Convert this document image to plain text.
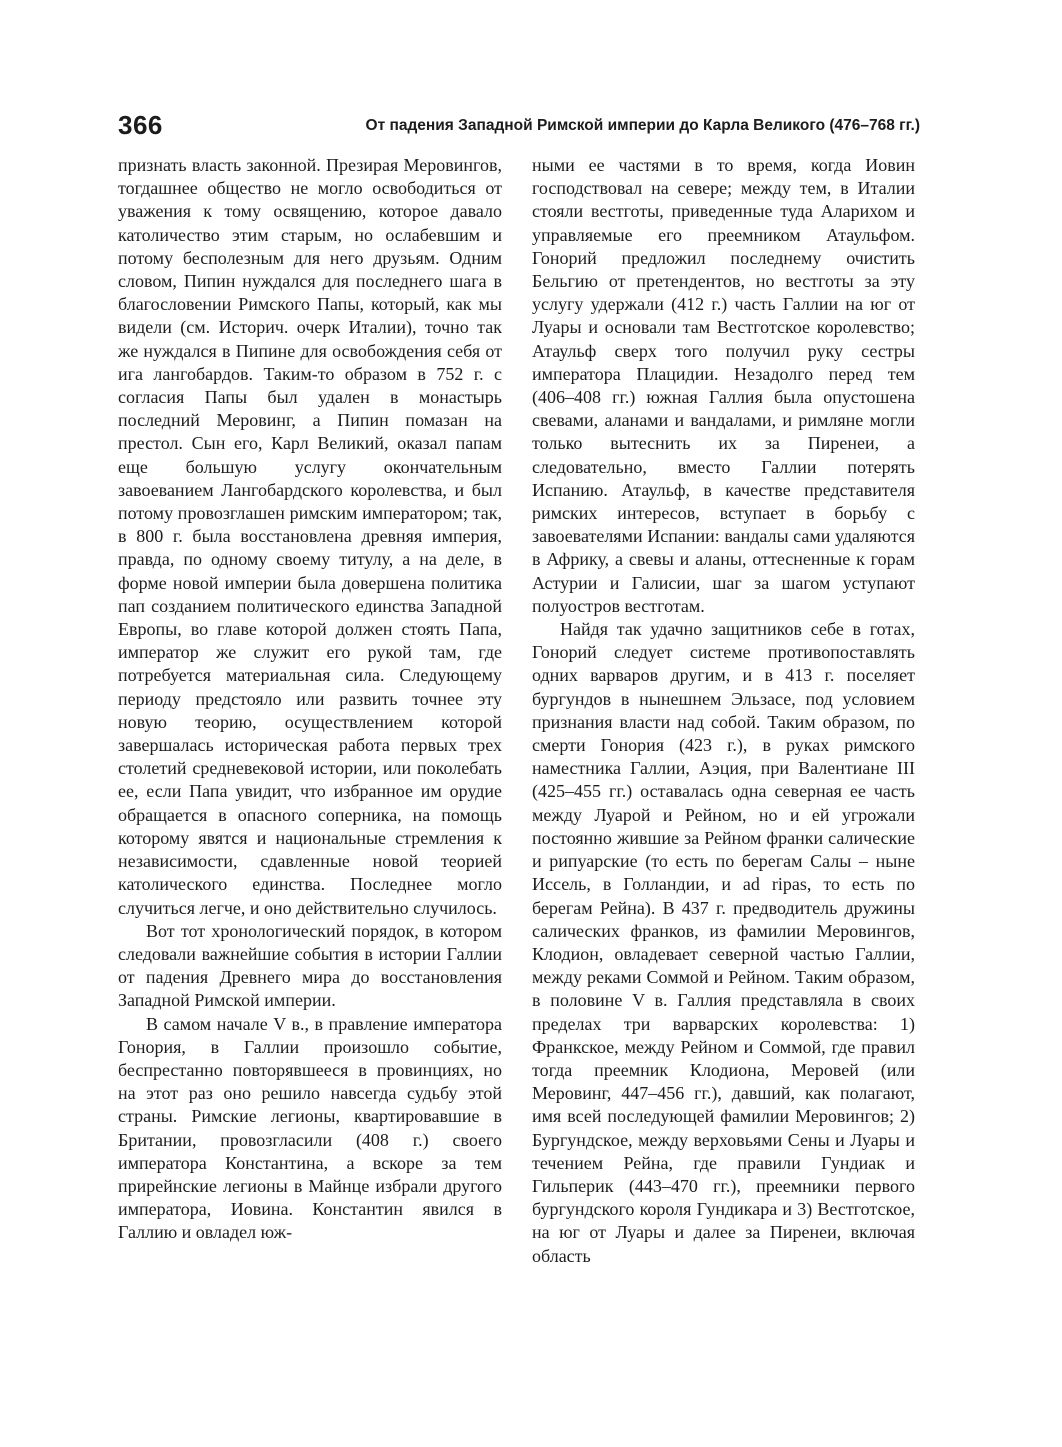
366	От падения Западной Римской империи до Карла Великого (476–768 гг.)

признать власть законной. Презирая Меровингов, тогдашнее общество не могло освободиться от уважения к тому освящению, которое давало католичество этим старым, но ослабевшим и потому бесполезным для него друзьям. Одним словом, Пипин нуждался для последнего шага в благословении Римского Папы, который, как мы видели (см. Историч. очерк Италии), точно так же нуждался в Пипине для освобождения себя от ига лангобардов. Таким-то образом в 752 г. с согласия Папы был удален в монастырь последний Меровинг, а Пипин помазан на престол. Сын его, Карл Великий, оказал папам еще большую услугу окончательным завоеванием Лангобардского королевства, и был потому провозглашен римским императором; так, в 800 г. была восстановлена древняя империя, правда, по одному своему титулу, а на деле, в форме новой империи была довершена политика пап созданием политического единства Западной Европы, во главе которой должен стоять Папа, император же служит его рукой там, где потребуется материальная сила. Следующему периоду предстояло или развить точнее эту новую теорию, осуществлением которой завершалась историческая работа первых трех столетий средневековой истории, или поколебать ее, если Папа увидит, что избранное им орудие обращается в опасного соперника, на помощь которому явятся и национальные стремления к независимости, сдавленные новой теорией католического единства. Последнее могло случиться легче, и оно действительно случилось.

Вот тот хронологический порядок, в котором следовали важнейшие события в истории Галлии от падения Древнего мира до восстановления Западной Римской империи.

В самом начале V в., в правление императора Гонория, в Галлии произошло событие, беспрестанно повторявшееся в провинциях, но на этот раз оно решило навсегда судьбу этой страны. Римские легионы, квартировавшие в Британии, провозгласили (408 г.) своего императора Константина, а вскоре за тем прирейнские легионы в Майнце избрали другого императора, Иовина. Константин явился в Галлию и овладел юж-

ными ее частями в то время, когда Иовин господствовал на севере; между тем, в Италии стояли вестготы, приведенные туда Аларихом и управляемые его преемником Атаульфом. Гонорий предложил последнему очистить Бельгию от претендентов, но вестготы за эту услугу удержали (412 г.) часть Галлии на юг от Луары и основали там Вестготское королевство; Атаульф сверх того получил руку сестры императора Плацидии. Незадолго перед тем (406–408 гг.) южная Галлия была опустошена свевами, аланами и вандалами, и римляне могли только вытеснить их за Пиренеи, а следовательно, вместо Галлии потерять Испанию. Атаульф, в качестве представителя римских интересов, вступает в борьбу с завоевателями Испании: вандалы сами удаляются в Африку, а свевы и аланы, оттесненные к горам Астурии и Галисии, шаг за шагом уступают полуостров вестготам.

Найдя так удачно защитников себе в готах, Гонорий следует системе противопоставлять одних варваров другим, и в 413 г. поселяет бургундов в нынешнем Эльзасе, под условием признания власти над собой. Таким образом, по смерти Гонория (423 г.), в руках римского наместника Галлии, Аэция, при Валентиане III (425–455 гг.) оставалась одна северная ее часть между Луарой и Рейном, но и ей угрожали постоянно жившие за Рейном франки салические и рипуарские (то есть по берегам Салы – ныне Иссель, в Голландии, и ad ripas, то есть по берегам Рейна). В 437 г. предводитель дружины салических франков, из фамилии Меровингов, Клодион, овладевает северной частью Галлии, между реками Соммой и Рейном. Таким образом, в половине V в. Галлия представляла в своих пределах три варварских королевства: 1) Франкское, между Рейном и Соммой, где правил тогда преемник Клодиона, Меровей (или Меровинг, 447–456 гг.), давший, как полагают, имя всей последующей фамилии Меровингов; 2) Бургундское, между верховьями Сены и Луары и течением Рейна, где правили Гундиак и Гильперик (443–470 гг.), преемники первого бургундского короля Гундикара и 3) Вестготское, на юг от Луары и далее за Пиренеи, включая область
